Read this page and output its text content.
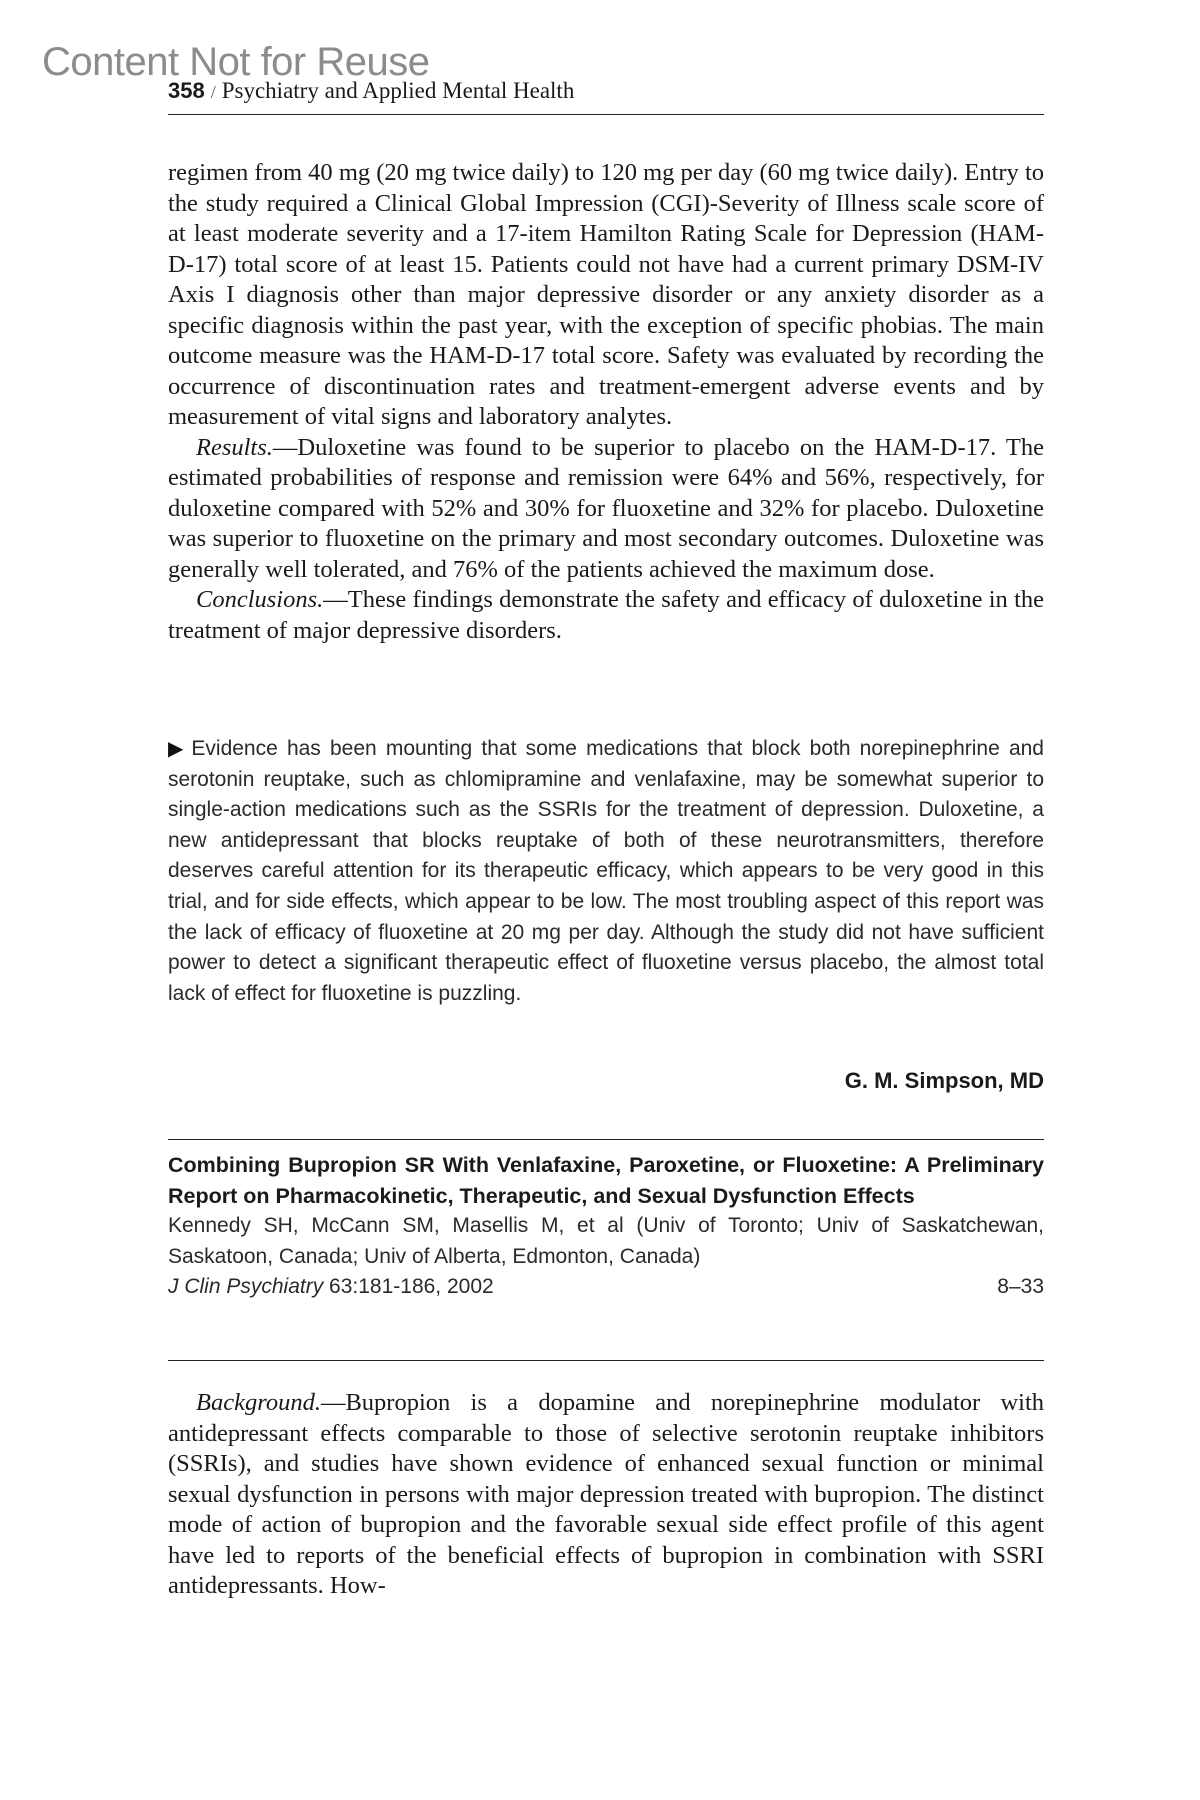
Content Not for Reuse
358 / Psychiatry and Applied Mental Health

regimen from 40 mg (20 mg twice daily) to 120 mg per day (60 mg twice daily). Entry to the study required a Clinical Global Impression (CGI)-Severity of Illness scale score of at least moderate severity and a 17-item Hamilton Rating Scale for Depression (HAM-D-17) total score of at least 15. Patients could not have had a current primary DSM-IV Axis I diagnosis other than major depressive disorder or any anxiety disorder as a specific diagnosis within the past year, with the exception of specific phobias. The main outcome measure was the HAM-D-17 total score. Safety was evaluated by recording the occurrence of discontinuation rates and treatment-emergent adverse events and by measurement of vital signs and laboratory analytes.

Results.—Duloxetine was found to be superior to placebo on the HAM-D-17. The estimated probabilities of response and remission were 64% and 56%, respectively, for duloxetine compared with 52% and 30% for fluoxetine and 32% for placebo. Duloxetine was superior to fluoxetine on the primary and most secondary outcomes. Duloxetine was generally well tolerated, and 76% of the patients achieved the maximum dose.

Conclusions.—These findings demonstrate the safety and efficacy of duloxetine in the treatment of major depressive disorders.

▶ Evidence has been mounting that some medications that block both norepinephrine and serotonin reuptake, such as chlomipramine and venlafaxine, may be somewhat superior to single-action medications such as the SSRIs for the treatment of depression. Duloxetine, a new antidepressant that blocks reuptake of both of these neurotransmitters, therefore deserves careful attention for its therapeutic efficacy, which appears to be very good in this trial, and for side effects, which appear to be low. The most troubling aspect of this report was the lack of efficacy of fluoxetine at 20 mg per day. Although the study did not have sufficient power to detect a significant therapeutic effect of fluoxetine versus placebo, the almost total lack of effect for fluoxetine is puzzling.

G. M. Simpson, MD

Combining Bupropion SR With Venlafaxine, Paroxetine, or Fluoxetine: A Preliminary Report on Pharmacokinetic, Therapeutic, and Sexual Dysfunction Effects

Kennedy SH, McCann SM, Masellis M, et al (Univ of Toronto; Univ of Saskatchewan, Saskatoon, Canada; Univ of Alberta, Edmonton, Canada)

J Clin Psychiatry 63:181-186, 2002	8–33

Background.—Bupropion is a dopamine and norepinephrine modulator with antidepressant effects comparable to those of selective serotonin reuptake inhibitors (SSRIs), and studies have shown evidence of enhanced sexual function or minimal sexual dysfunction in persons with major depression treated with bupropion. The distinct mode of action of bupropion and the favorable sexual side effect profile of this agent have led to reports of the beneficial effects of bupropion in combination with SSRI antidepressants. How-
